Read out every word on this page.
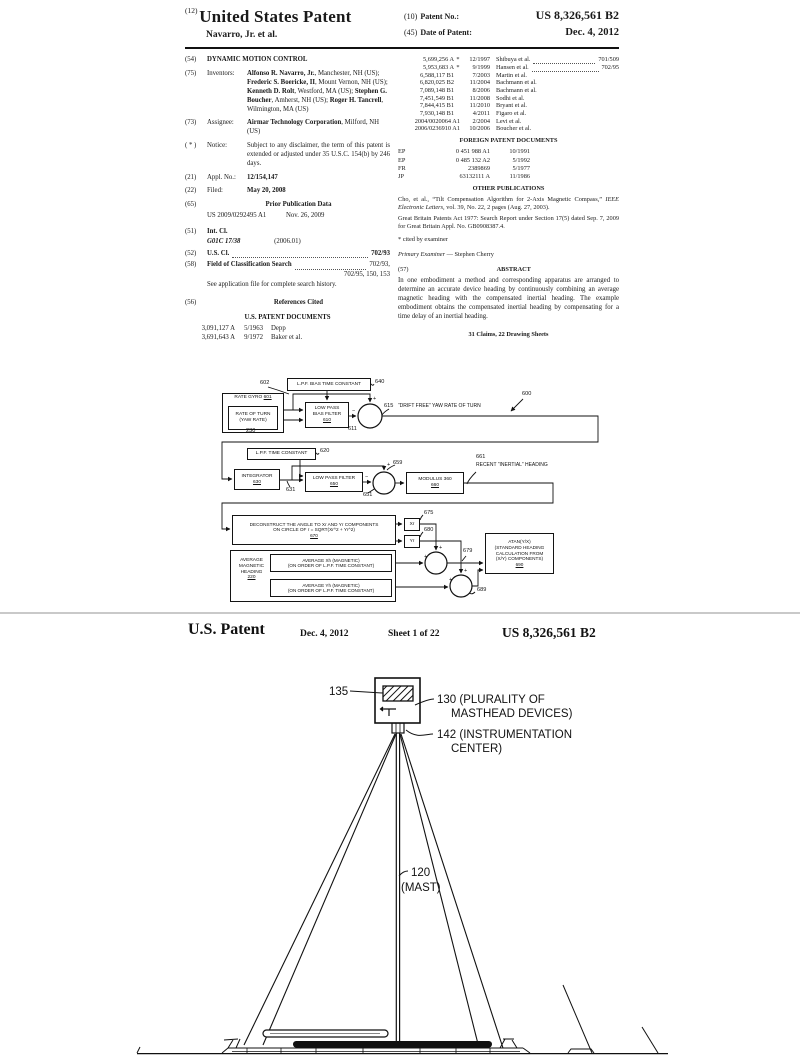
(12) United States Patent
Navarro, Jr. et al.
(10) Patent No.:	US 8,326,561 B2
(45) Date of Patent:	Dec. 4, 2012
(54)	DYNAMIC MOTION CONTROL
(75)	Inventors:	Alfonso R. Navarro, Jr., Manchester, NH (US); Frederic S. Boericke, II, Mount Vernon, NH (US); Kenneth D. Rolt, Westford, MA (US); Stephen G. Boucher, Amherst, NH (US); Roger H. Tancrell, Wilmington, MA (US)
(73)	Assignee:	Airmar Technology Corporation, Milford, NH (US)
( * )	Notice:	Subject to any disclaimer, the term of this patent is extended or adjusted under 35 U.S.C. 154(b) by 246 days.
(21)	Appl. No.:	12/154,147
(22)	Filed:	May 20, 2008
(65)	Prior Publication Data
US 2009/0292495 A1	Nov. 26, 2009
(51)	Int. Cl.
G01C 17/38	(2006.01)
(52)	U.S. Cl.	702/93
(58)	Field of Classification Search	702/93,
702/95, 150, 153
See application file for complete search history.
(56)	References Cited
U.S. PATENT DOCUMENTS
3,091,127 A	5/1963 Depp
3,691,643 A	9/1972 Baker et al.
5,699,256 A *	12/1997 Shibuya et al.	701/509
5,953,683 A *	9/1999 Hansen et al.	702/95
6,588,117 B1	7/2003 Martin et al.
6,820,025 B2	11/2004 Bachmann et al.
7,089,148 B1	8/2006 Bachmann et al.
7,451,549 B1	11/2008 Sodhi et al.
7,844,415 B1	11/2010 Bryant et al.
7,930,148 B1	4/2011 Figaro et al.
2004/0020064 A1	2/2004 Levi et al.
2006/0236910 A1	10/2006 Boucher et al.
FOREIGN PATENT DOCUMENTS
EP	0 451 988 A1	10/1991
EP	0 485 132 A2	5/1992
FR	2389869	5/1977
JP	63132111 A	11/1986
OTHER PUBLICATIONS
Cho, et al., “Tilt Compensation Algorithm for 2-Axis Magnetic Compass,” IEEE Electronic Letters, vol. 39, No. 22, 2 pages (Aug. 27, 2003).
Great Britain Patents Act 1977: Search Report under Section 17(5) dated Sep. 7, 2009 for Great Britain Appl. No. GB0908387.4.
* cited by examiner
Primary Examiner — Stephen Cherry
(57)	ABSTRACT
In one embodiment a method and corresponding apparatus are arranged to determine an accurate device heading by continuously combining an average magnetic heading with the compensated inertial heading. The example embodiment obtains the compensated inertial heading by compensating for a time delay of an inertial heading.
31 Claims, 22 Drawing Sheets
L.P.F. BIAS TIME CONSTANT
RATE GYRO 601
RATE OF TURN
(YAW RATE)
LOW PASS
BIAS FILTER
610
L.P.F. TIME CONSTANT
INTEGRATOR
630
LOW PASS FILTER
650
MODULUS 360
660
DECONSTRUCT THE ANGLE TO Xr AND Yr COMPONENTS
ON CIRCLE OF r = SQRT(Xr^2 + Yr^2)
670
Xr
Yr
AVERAGE
MAGNETIC
HEADING
220
AVERAGE Xh (MAGNETIC)
(ON ORDER OF L.P.F. TIME CONSTANT)
AVERAGE Yh (MAGNETIC)
(ON ORDER OF L.P.F. TIME CONSTANT)
ATAN(Y/X)
(STANDARD HEADING
CALCULATION FROM
(X/Y) COMPONENTS)
690
602	640
230	611
615 “DRIFT FREE” YAW RATE OF TURN
600
620
631
651
659
661
RECENT “INERTIAL” HEADING
675
680
679
689
+
−
+
−
+
+
+
+
U.S. Patent	Dec. 4, 2012	Sheet 1 of 22	US 8,326,561 B2
135
130 (PLURALITY OF
MASTHEAD DEVICES)
142 (INSTRUMENTATION
CENTER)
120
(MAST)
